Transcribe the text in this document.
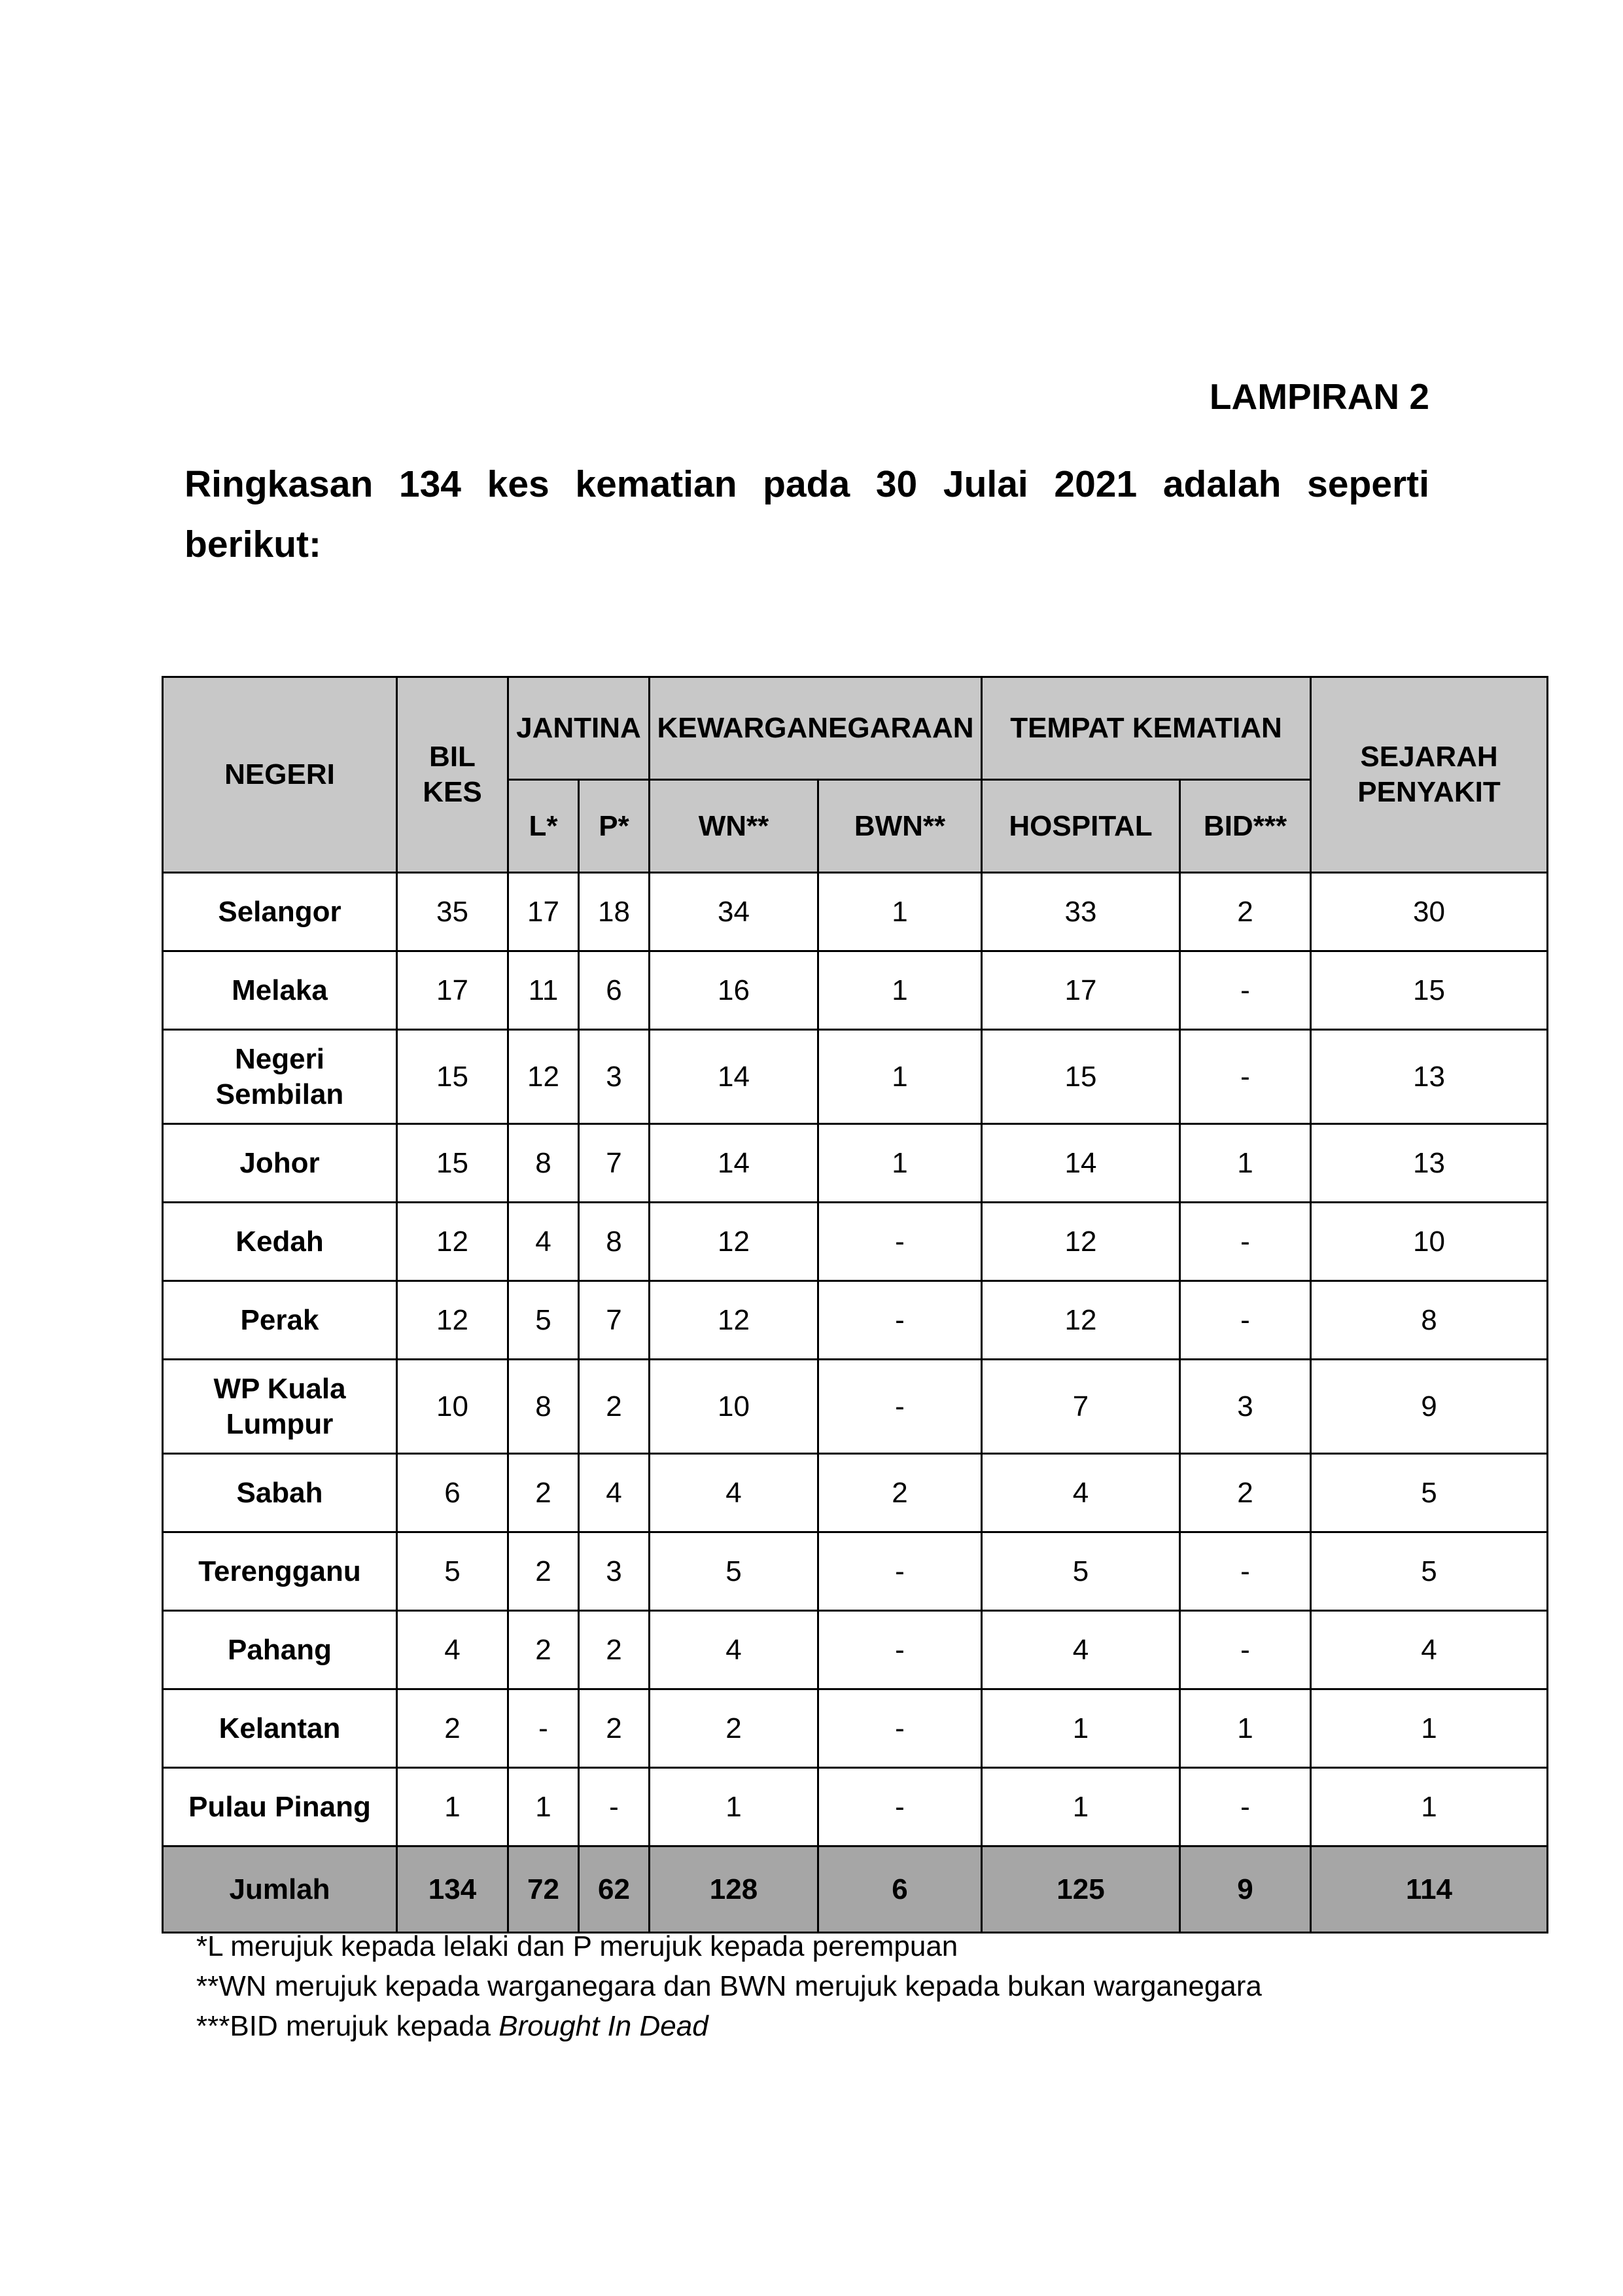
LAMPIRAN 2
Ringkasan 134 kes kematian pada 30 Julai 2021 adalah seperti berikut:
NEGERI	BIL KES	JANTINA		KEWARGANEGARAAN		TEMPAT KEMATIAN		SEJARAH PENYAKIT
		L*	P*	WN**	BWN**	HOSPITAL	BID***	
Selangor	35	17	18	34	1	33	2	30
Melaka	17	11	6	16	1	17	-	15
Negeri Sembilan	15	12	3	14	1	15	-	13
Johor	15	8	7	14	1	14	1	13
Kedah	12	4	8	12	-	12	-	10
Perak	12	5	7	12	-	12	-	8
WP Kuala Lumpur	10	8	2	10	-	7	3	9
Sabah	6	2	4	4	2	4	2	5
Terengganu	5	2	3	5	-	5	-	5
Pahang	4	2	2	4	-	4	-	4
Kelantan	2	-	2	2	-	1	1	1
Pulau Pinang	1	1	-	1	-	1	-	1
Jumlah	134	72	62	128	6	125	9	114
*L merujuk kepada lelaki dan P merujuk kepada perempuan
**WN merujuk kepada warganegara dan BWN merujuk kepada bukan warganegara
***BID merujuk kepada Brought In Dead
